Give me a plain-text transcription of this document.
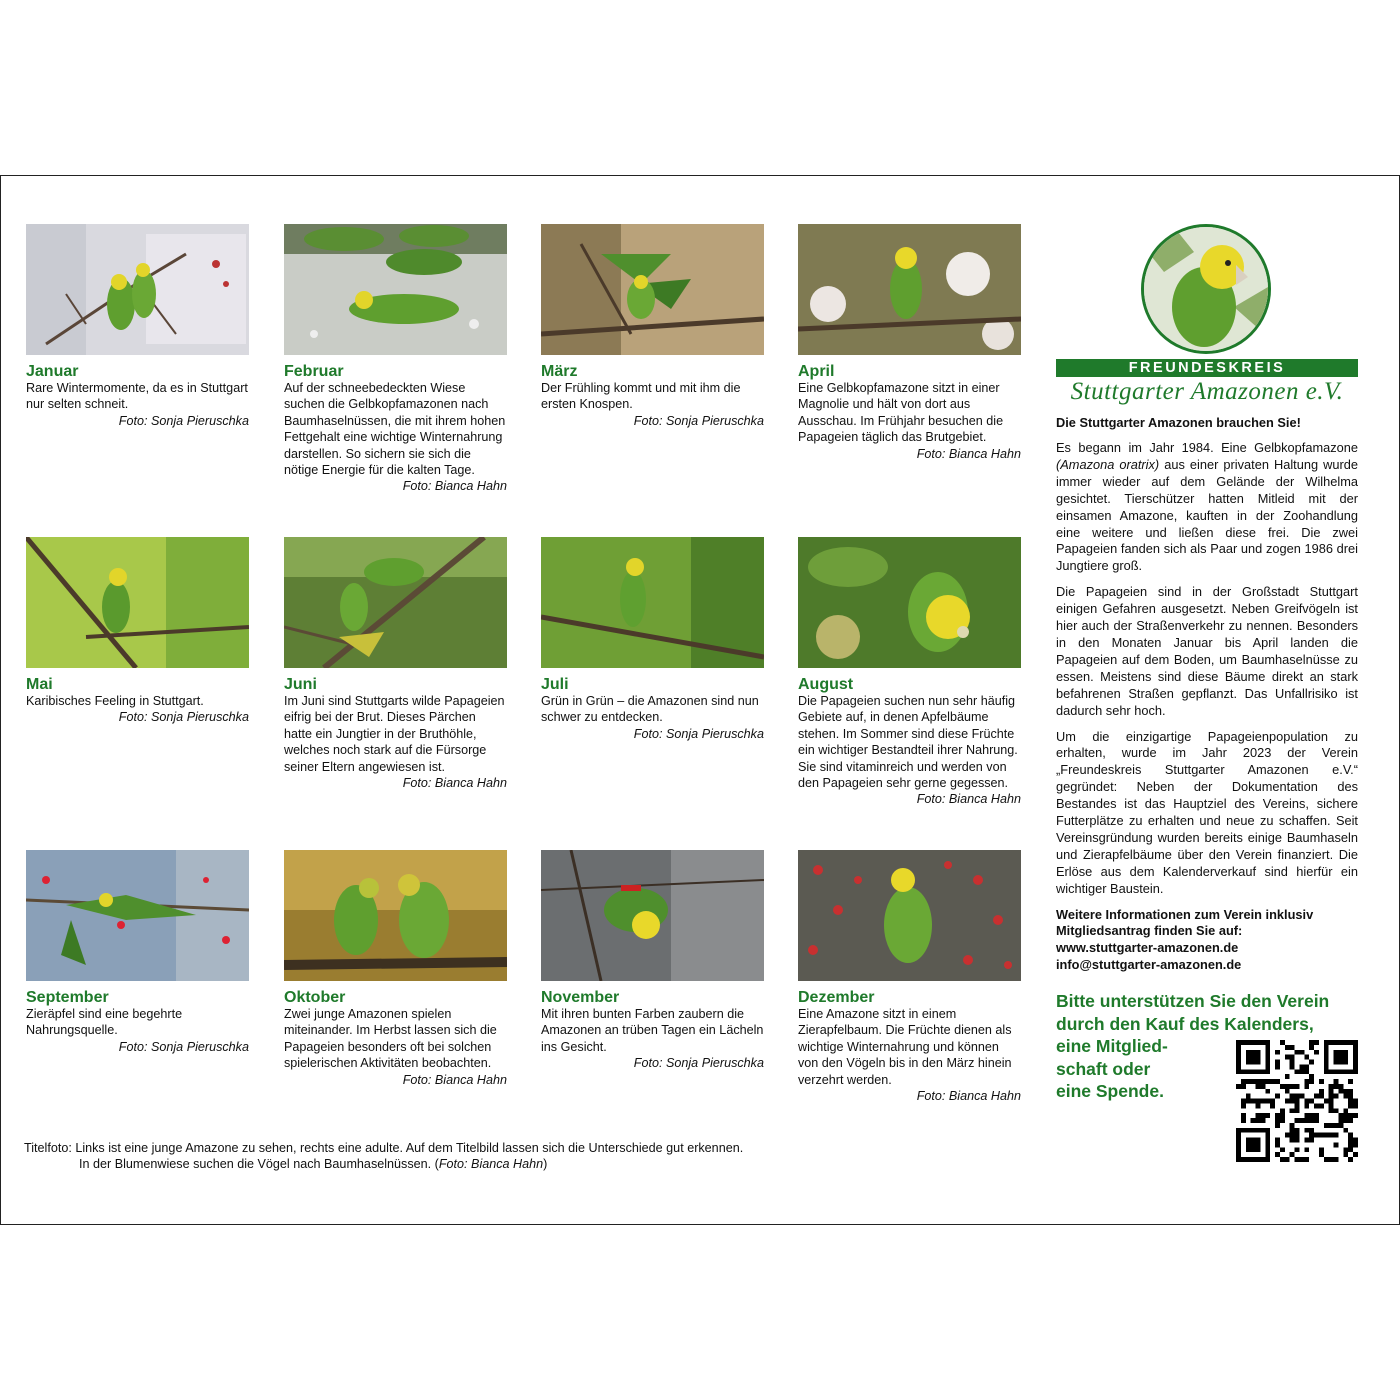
Januar
Rare Wintermomente, da es in Stuttgart nur selten schneit.
Foto: Sonja Pieruschka
Februar
Auf der schneebedeckten Wiese suchen die Gelbkopfamazonen nach Baumhaselnüssen, die mit ihrem hohen Fettgehalt eine wichtige Winternahrung darstellen. So sichern sie sich die nötige Energie für die kalten Tage.
Foto: Bianca Hahn
März
Der Frühling kommt und mit ihm die ersten Knospen.
Foto: Sonja Pieruschka
April
Eine Gelbkopfamazone sitzt in einer Magnolie und hält von dort aus Ausschau. Im Frühjahr besuchen die Papageien täglich das Brutgebiet.
Foto: Bianca Hahn
Mai
Karibisches Feeling in Stuttgart.
Foto: Sonja Pieruschka
Juni
Im Juni sind Stuttgarts wilde Papageien eifrig bei der Brut. Dieses Pärchen hatte ein Jungtier in der Bruthöhle, welches noch stark auf die Fürsorge seiner Eltern angewiesen ist.
Foto: Bianca Hahn
Juli
Grün in Grün – die Amazonen sind nun schwer zu entdecken.
Foto: Sonja Pieruschka
August
Die Papageien suchen nun sehr häufig Gebiete auf, in denen Apfelbäume stehen. Im Sommer sind diese Früchte ein wichtiger Bestandteil ihrer Nahrung. Sie sind vitaminreich und werden von den Papageien sehr gerne gegessen.
Foto: Bianca Hahn
September
Zieräpfel sind eine begehrte Nahrungsquelle.
Foto: Sonja Pieruschka
Oktober
Zwei junge Amazonen spielen miteinander. Im Herbst lassen sich die Papageien besonders oft bei solchen spielerischen Aktivitäten beobachten.
Foto: Bianca Hahn
November
Mit ihren bunten Farben zaubern die Amazonen an trüben Tagen ein Lächeln ins Gesicht.
Foto: Sonja Pieruschka
Dezember
Eine Amazone sitzt in einem Zierapfelbaum. Die Früchte dienen als wichtige Winternahrung und können von den Vögeln bis in den März hinein verzehrt werden.
Foto: Bianca Hahn
Titelfoto: Links ist eine junge Amazone zu sehen, rechts eine adulte. Auf dem Titelbild lassen sich die Unterschiede gut erkennen.
In der Blumenwiese suchen die Vögel nach Baumhaselnüssen. (Foto: Bianca Hahn)
FREUNDESKREIS
Stuttgarter Amazonen e.V.
Die Stuttgarter Amazonen brauchen Sie!
Es begann im Jahr 1984. Eine Gelbkopfamazone (Amazona oratrix) aus einer privaten Haltung wurde immer wieder auf dem Gelände der Wilhelma gesichtet. Tierschützer hatten Mitleid mit der einsamen Amazone, kauften in der Zoohandlung eine weitere und ließen diese frei. Die zwei Papageien fanden sich als Paar und zogen 1986 drei Jungtiere groß.
Die Papageien sind in der Großstadt Stuttgart einigen Gefahren ausgesetzt. Neben Greifvögeln ist hier auch der Straßenverkehr zu nennen. Besonders in den Monaten Januar bis April landen die Papageien auf dem Boden, um Baumhaselnüsse zu essen. Meistens sind diese Bäume direkt an stark befahrenen Straßen gepflanzt. Das Unfallrisiko ist dadurch sehr hoch.
Um die einzigartige Papageienpopulation zu erhalten, wurde im Jahr 2023 der Verein „Freundeskreis Stuttgarter Amazonen e.V.“ gegründet: Neben der Dokumentation des Bestandes ist das Hauptziel des Vereins, sichere Futterplätze zu erhalten und neue zu schaffen. Seit Vereinsgründung wurden bereits einige Baumhaseln und Zierapfelbäume über den Verein finanziert. Die Erlöse aus dem Kalenderverkauf sind hierfür ein wichtiger Baustein.
Weitere Informationen zum Verein inklusiv
Mitgliedsantrag finden Sie auf:
www.stuttgarter-amazonen.de
info@stuttgarter-amazonen.de
Bitte unterstützen Sie den Verein
durch den Kauf des Kalenders,
eine Mitglied-
schaft oder
eine Spende.
